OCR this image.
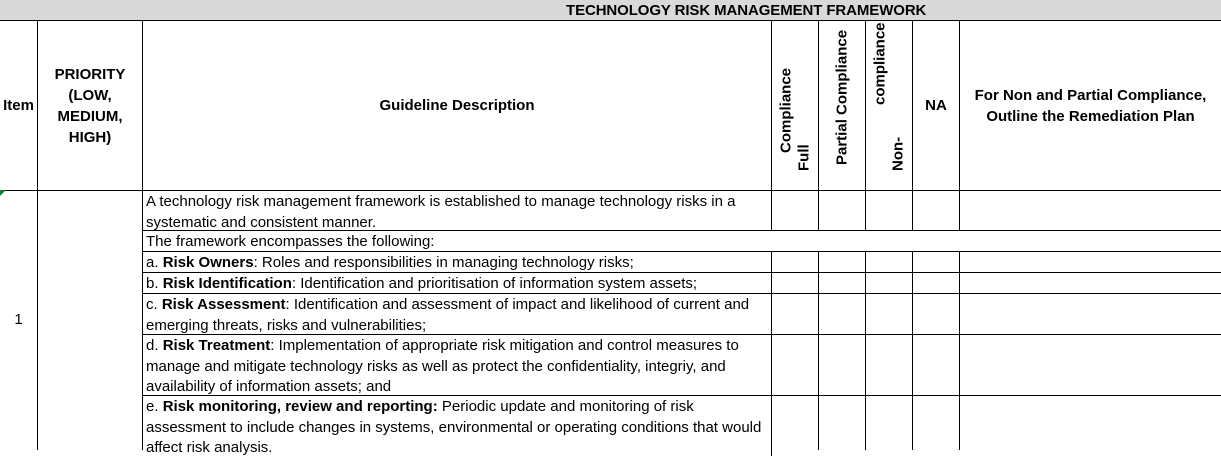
TECHNOLOGY RISK MANAGEMENT FRAMEWORK
Item
PRIORITY (LOW, MEDIUM, HIGH)
Guideline Description	Compliance
Full Partial Compliance compliance
Non-
NA
For Non and Partial Compliance, Outline the Remediation Plan
1
A technology risk management framework is established to manage technology risks in a systematic and consistent manner.
The framework encompasses the following:
a. Risk Owners: Roles and responsibilities in managing technology risks;
b. Risk Identification: Identification and prioritisation of information system assets;
c. Risk Assessment: Identification and assessment of impact and likelihood of current and emerging threats, risks and vulnerabilities;
d. Risk Treatment: Implementation of appropriate risk mitigation and control measures to manage and mitigate technology risks as well as protect the confidentiality, integriy, and availability of information assets; and
e. Risk monitoring, review and reporting: Periodic update and monitoring of risk assessment to include changes in systems, environmental or operating conditions that would affect risk analysis.
